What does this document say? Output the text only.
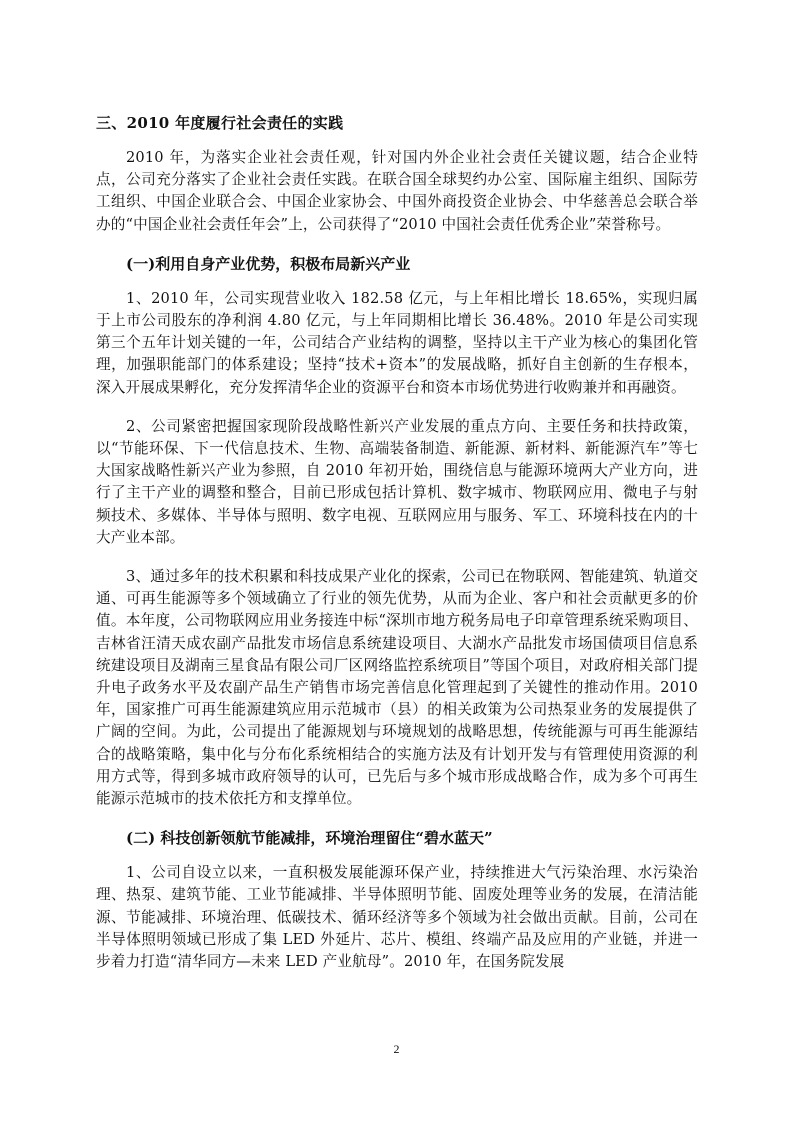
三、2010 年度履行社会责任的实践

2010 年，为落实企业社会责任观，针对国内外企业社会责任关键议题，结合企业特点，公司充分落实了企业社会责任实践。在联合国全球契约办公室、国际雇主组织、国际劳工组织、中国企业联合会、中国企业家协会、中国外商投资企业协会、中华慈善总会联合举办的“中国企业社会责任年会”上，公司获得了“2010 中国社会责任优秀企业”荣誉称号。

(一)利用自身产业优势，积极布局新兴产业

1、2010 年，公司实现营业收入 182.58 亿元，与上年相比增长 18.65%，实现归属于上市公司股东的净利润 4.80 亿元，与上年同期相比增长 36.48%。2010 年是公司实现第三个五年计划关键的一年，公司结合产业结构的调整，坚持以主干产业为核心的集团化管理，加强职能部门的体系建设；坚持“技术+资本”的发展战略，抓好自主创新的生存根本，深入开展成果孵化，充分发挥清华企业的资源平台和资本市场优势进行收购兼并和再融资。

2、公司紧密把握国家现阶段战略性新兴产业发展的重点方向、主要任务和扶持政策，以“节能环保、下一代信息技术、生物、高端装备制造、新能源、新材料、新能源汽车”等七大国家战略性新兴产业为参照，自 2010 年初开始，围绕信息与能源环境两大产业方向，进行了主干产业的调整和整合，目前已形成包括计算机、数字城市、物联网应用、微电子与射频技术、多媒体、半导体与照明、数字电视、互联网应用与服务、军工、环境科技在内的十大产业本部。

3、通过多年的技术积累和科技成果产业化的探索，公司已在物联网、智能建筑、轨道交通、可再生能源等多个领域确立了行业的领先优势，从而为企业、客户和社会贡献更多的价值。本年度，公司物联网应用业务接连中标“深圳市地方税务局电子印章管理系统采购项目、吉林省汪清天成农副产品批发市场信息系统建设项目、大湖水产品批发市场国债项目信息系统建设项目及湖南三星食品有限公司厂区网络监控系统项目”等国个项目，对政府相关部门提升电子政务水平及农副产品生产销售市场完善信息化管理起到了关键性的推动作用。2010 年，国家推广可再生能源建筑应用示范城市（县）的相关政策为公司热泵业务的发展提供了广阔的空间。为此，公司提出了能源规划与环境规划的战略思想，传统能源与可再生能源结合的战略策略，集中化与分布化系统相结合的实施方法及有计划开发与有管理使用资源的利用方式等，得到多城市政府领导的认可，已先后与多个城市形成战略合作，成为多个可再生能源示范城市的技术依托方和支撑单位。

(二) 科技创新领航节能减排，环境治理留住“碧水蓝天”

1、公司自设立以来，一直积极发展能源环保产业，持续推进大气污染治理、水污染治理、热泵、建筑节能、工业节能减排、半导体照明节能、固废处理等业务的发展，在清洁能源、节能减排、环境治理、低碳技术、循环经济等多个领域为社会做出贡献。目前，公司在半导体照明领域已形成了集 LED 外延片、芯片、模组、终端产品及应用的产业链，并进一步着力打造“清华同方—未来 LED 产业航母”。2010 年，在国务院发展

2
